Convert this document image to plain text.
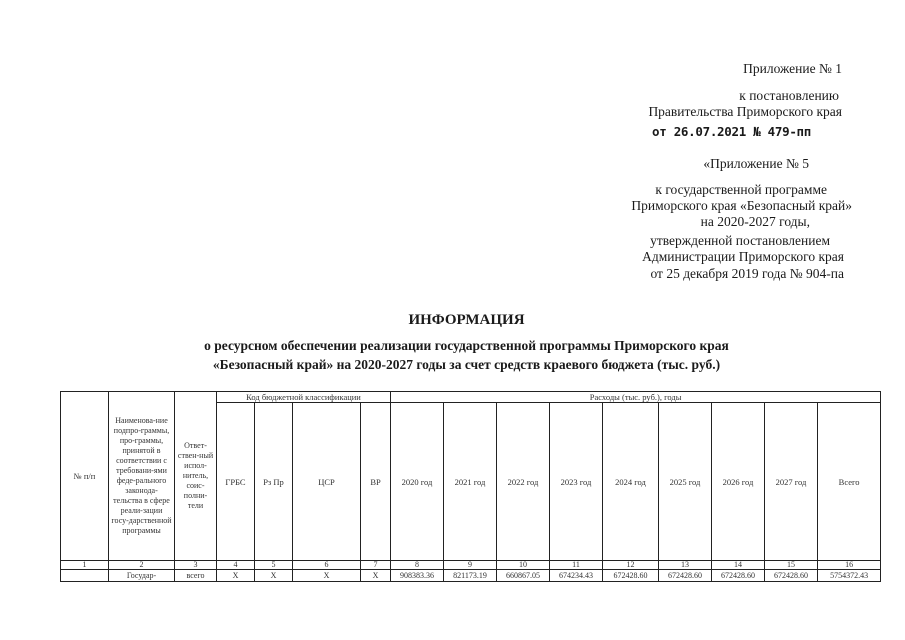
Приложение № 1
к постановлению
Правительства Приморского края
от 26.07.2021 № 479-пп
«Приложение № 5
к государственной программе
Приморского края «Безопасный край»
на 2020-2027 годы,
утвержденной постановлением
Администрации Приморского края
от 25 декабря 2019 года № 904-па
ИНФОРМАЦИЯ
о ресурсном обеспечении реализации государственной программы Приморского края
«Безопасный край» на 2020-2027 годы за счет средств краевого бюджета (тыс. руб.)
№ п/п	Наименова-ние подпро-граммы, про-граммы, принятой в соответствии с требовани-ями феде-рального законода-тельства в сфере реали-зации госу-дарственной программы	Ответ-ствен-ный испол-нитель, соис-полни-тели	Код бюджетной классификации				Расходы (тыс. руб.), годы								
			ГРБС	Рз Пр	ЦСР	ВР	2020 год	2021 год	2022 год	2023 год	2024 год	2025 год	2026 год	2027 год	Всего
1	2	3	4	5	6	7	8	9	10	11	12	13	14	15	16
	Государ-	всего	X	X	X	X	908383.36	821173.19	660867.05	674234.43	672428.60	672428.60	672428.60	672428.60	5754372.43
